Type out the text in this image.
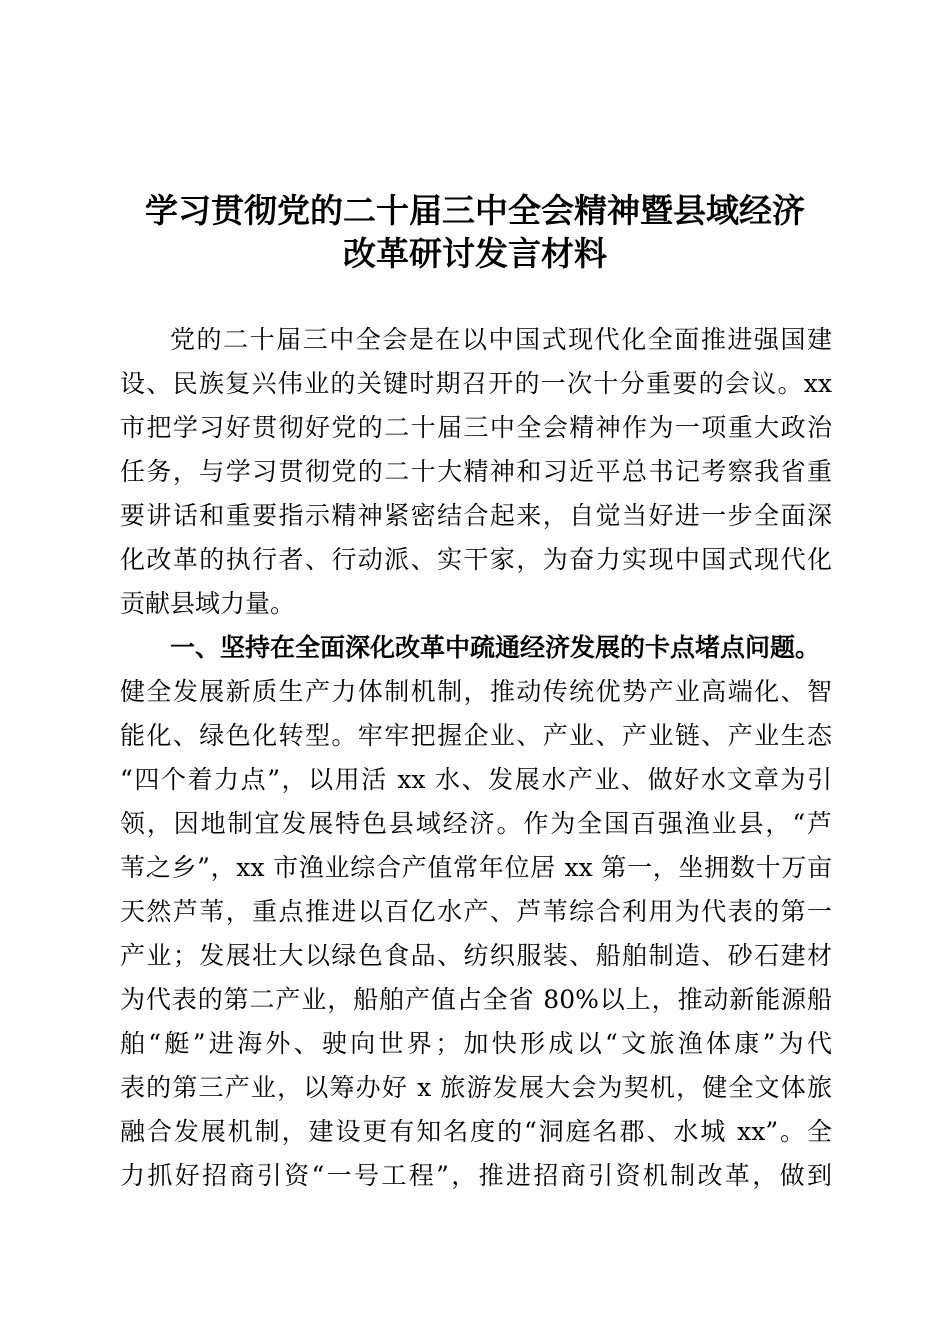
学习贯彻党的二十届三中全会精神暨县域经济
改革研讨发言材料
党的二十届三中全会是在以中国式现代化全面推进强国建
设、民族复兴伟业的关键时期召开的一次十分重要的会议。xx
市把学习好贯彻好党的二十届三中全会精神作为一项重大政治
任务，与学习贯彻党的二十大精神和习近平总书记考察我省重
要讲话和重要指示精神紧密结合起来，自觉当好进一步全面深
化改革的执行者、行动派、实干家，为奋力实现中国式现代化
贡献县域力量。
一、坚持在全面深化改革中疏通经济发展的卡点堵点问题。
健全发展新质生产力体制机制，推动传统优势产业高端化、智
能化、绿色化转型。牢牢把握企业、产业、产业链、产业生态
“四个着力点”，以用活 xx 水、发展水产业、做好水文章为引
领，因地制宜发展特色县域经济。作为全国百强渔业县，“芦
苇之乡”，xx 市渔业综合产值常年位居 xx 第一，坐拥数十万亩
天然芦苇，重点推进以百亿水产、芦苇综合利用为代表的第一
产业；发展壮大以绿色食品、纺织服装、船舶制造、砂石建材
为代表的第二产业，船舶产值占全省 80%以上，推动新能源船
舶“艇”进海外、驶向世界；加快形成以“文旅渔体康”为代
表的第三产业，以筹办好 x 旅游发展大会为契机，健全文体旅
融合发展机制，建设更有知名度的“洞庭名郡、水城 xx”。全
力抓好招商引资“一号工程”，推进招商引资机制改革，做到
